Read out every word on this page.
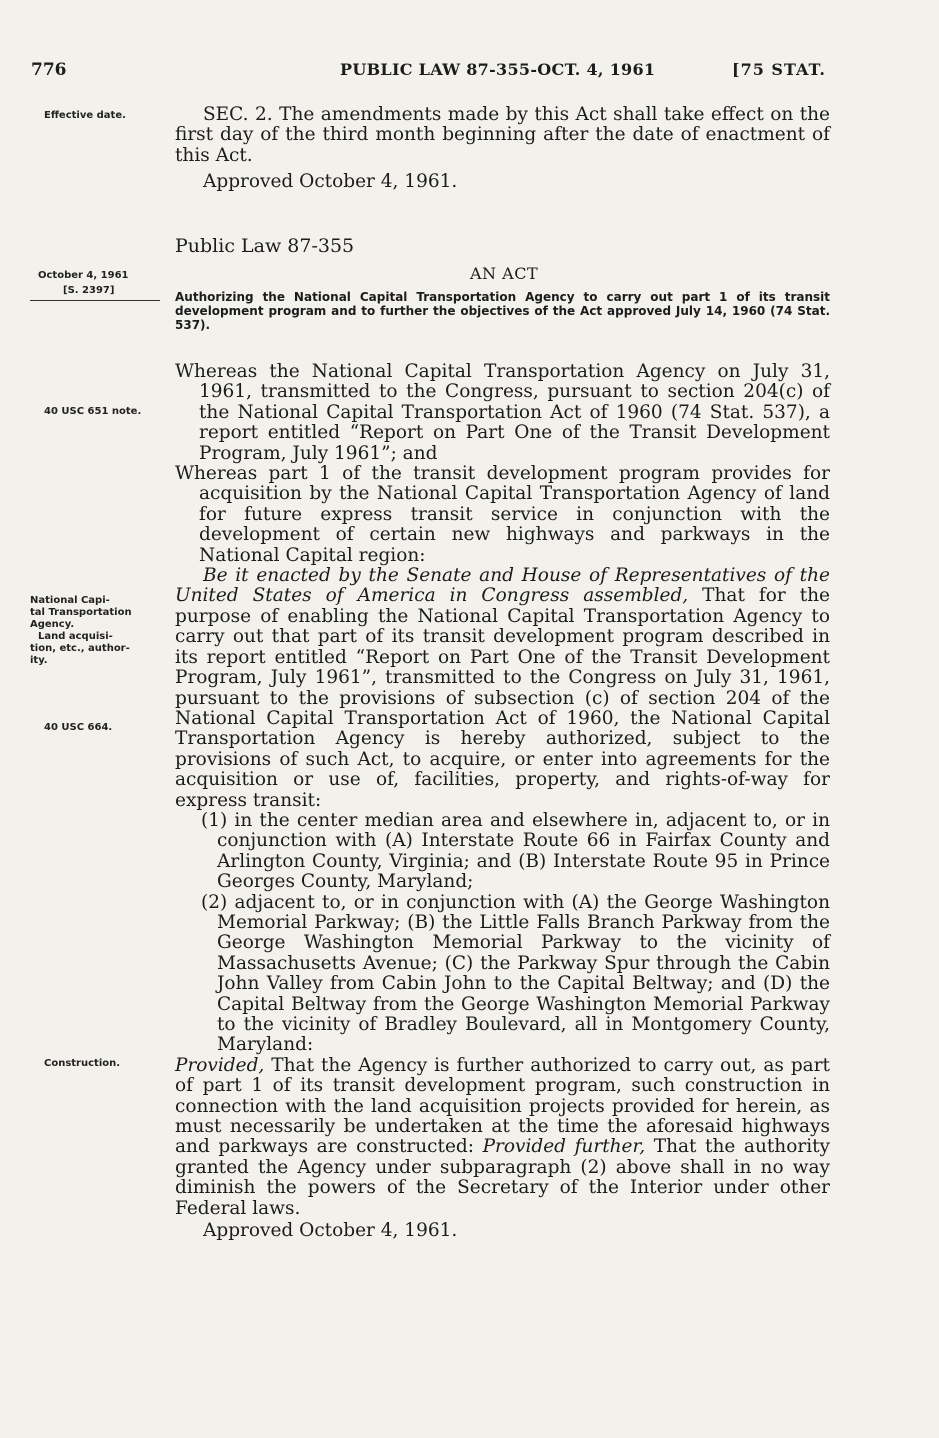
776	PUBLIC LAW 87-355-OCT. 4, 1961	[75 STAT.
Effective date.
October 4, 1961
[S. 2397]
40 USC 651 note.
National Capi-
tal Transportation
Agency.
Land acquisi-
tion, etc., author-
ity.
40 USC 664.
Construction.

SEC. 2. The amendments made by this Act shall take effect on the first day of the third month beginning after the date of enactment of this Act.

Approved October 4, 1961.
Public Law 87-355
AN ACT
Authorizing the National Capital Transportation Agency to carry out part 1 of its transit development program and to further the objectives of the Act approved July 14, 1960 (74 Stat. 537).

Whereas the National Capital Transportation Agency on July 31, 1961, transmitted to the Congress, pursuant to section 204(c) of the National Capital Transportation Act of 1960 (74 Stat. 537), a report entitled “Report on Part One of the Transit Development Program, July 1961”; and

Whereas part 1 of the transit development program provides for acquisition by the National Capital Transportation Agency of land for future express transit service in conjunction with the development of certain new highways and parkways in the National Capital region:

Be it enacted by the Senate and House of Representatives of the United States of America in Congress assembled, That for the purpose of enabling the National Capital Transportation Agency to carry out that part of its transit development program described in its report entitled “Report on Part One of the Transit Development Program, July 1961”, transmitted to the Congress on July 31, 1961, pursuant to the provisions of subsection (c) of section 204 of the National Capital Transportation Act of 1960, the National Capital Transportation Agency is hereby authorized, subject to the provisions of such Act, to acquire, or enter into agreements for the acquisition or use of, facilities, property, and rights-of-way for express transit:

(1) in the center median area and elsewhere in, adjacent to, or in conjunction with (A) Interstate Route 66 in Fairfax County and Arlington County, Virginia; and (B) Interstate Route 95 in Prince Georges County, Maryland;

(2) adjacent to, or in conjunction with (A) the George Washington Memorial Parkway; (B) the Little Falls Branch Parkway from the George Washington Memorial Parkway to the vicinity of Massachusetts Avenue; (C) the Parkway Spur through the Cabin John Valley from Cabin John to the Capital Beltway; and (D) the Capital Beltway from the George Washington Memorial Parkway to the vicinity of Bradley Boulevard, all in Montgomery County, Maryland:

Provided, That the Agency is further authorized to carry out, as part of part 1 of its transit development program, such construction in connection with the land acquisition projects provided for herein, as must necessarily be undertaken at the time the aforesaid highways and parkways are constructed: Provided further, That the authority granted the Agency under subparagraph (2) above shall in no way diminish the powers of the Secretary of the Interior under other Federal laws.

Approved October 4, 1961.
